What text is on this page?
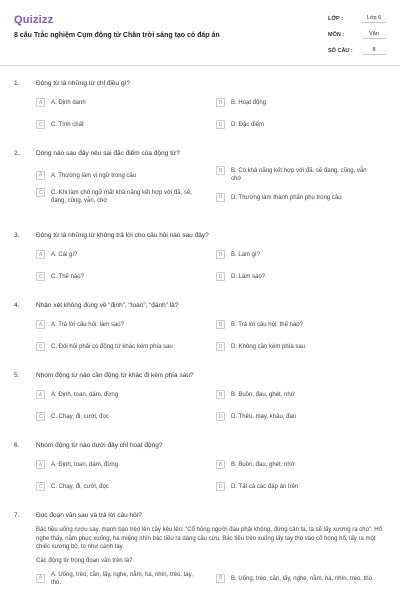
Quizizz
8 câu Trắc nghiệm Cụm động từ Chân trời sáng tạo có đáp án
LỚP :	Lớp 6
MÔN :	Văn
SỐ CÂU :	8
1.	Động từ là những từ chỉ điều gì?
A	A. Định danh	B	B. Hoạt động
C	C. Tính chất	D	D. Đặc điểm
2.	Dòng nào sau đây nêu sai đặc điểm của động từ?
A	A. Thường làm vị ngữ trong câu
B	B. Có khả năng kết hợp với đã, sẽ đang, cũng, vẫn chớ
C	C. Khi làm chủ ngữ mất khả năng kết hợp với đã, sẽ, đang, cũng, vẫn, chớ
D	D. Thường làm thành phần phụ trong câu
3.	Động từ là những từ không trả lời cho câu hỏi nào sau đây?
A	A. Cái gì?	B	B. Làm gì?
C	C. Thế nào?	D	D. Làm sao?
4.	Nhận xét không đúng về “định”, “toan”, “đánh” là?
A	A. Trả lời câu hỏi: làm sao?	B	B. Trả lời câu hỏi: thế nào?
C	C. Đòi hỏi phải có động từ khác kèm phía sau	D	D. Không cần kèm phía sau
5.	Nhóm động từ nào cần động từ khác đi kèm phía sau?
A	A. Định, toan, dám, đừng	B	B. Buồn, đau, ghét, nhớ
C	C. Chạy, đi, cười, đọc	D	D. Thêu, may, khâu, đan
6.	Nhóm động từ nào dưới đây chỉ hoạt động?
A	A. Định, toan, dám, đừng	B	B. Buồn, đau, ghét, nhớ
C	C. Chạy, đi, cười, đọc	D	D. Tất cả các đáp án trên
7.	Đọc đoạn văn sau và trả lời câu hỏi?
Bác tiều uống rượu say, mạnh bạo trèo lên cây kêu lên: “Cổ hỏng người đau phải không, đứng cần ta, ta sẽ lấy xương ra cho”. Hổ nghe thấy, nằm phục xuống, há miệng nhìn bác tiều ra dáng cầu cứu. Bác tiều trèo xuống lấy tay thò vào cổ họng hổ, lấy ra một chiếc xương bò, to như cánh tay.
Các động từ trong đoạn văn trên là?
A
A. Uống, trèo, cần, lấy, nghe, nằm, há, nhìn, trèo, tay, thò.
B	B. Uống, trèo, cần, lấy, nghe, nằm, há, nhìn, trèo, thò.
